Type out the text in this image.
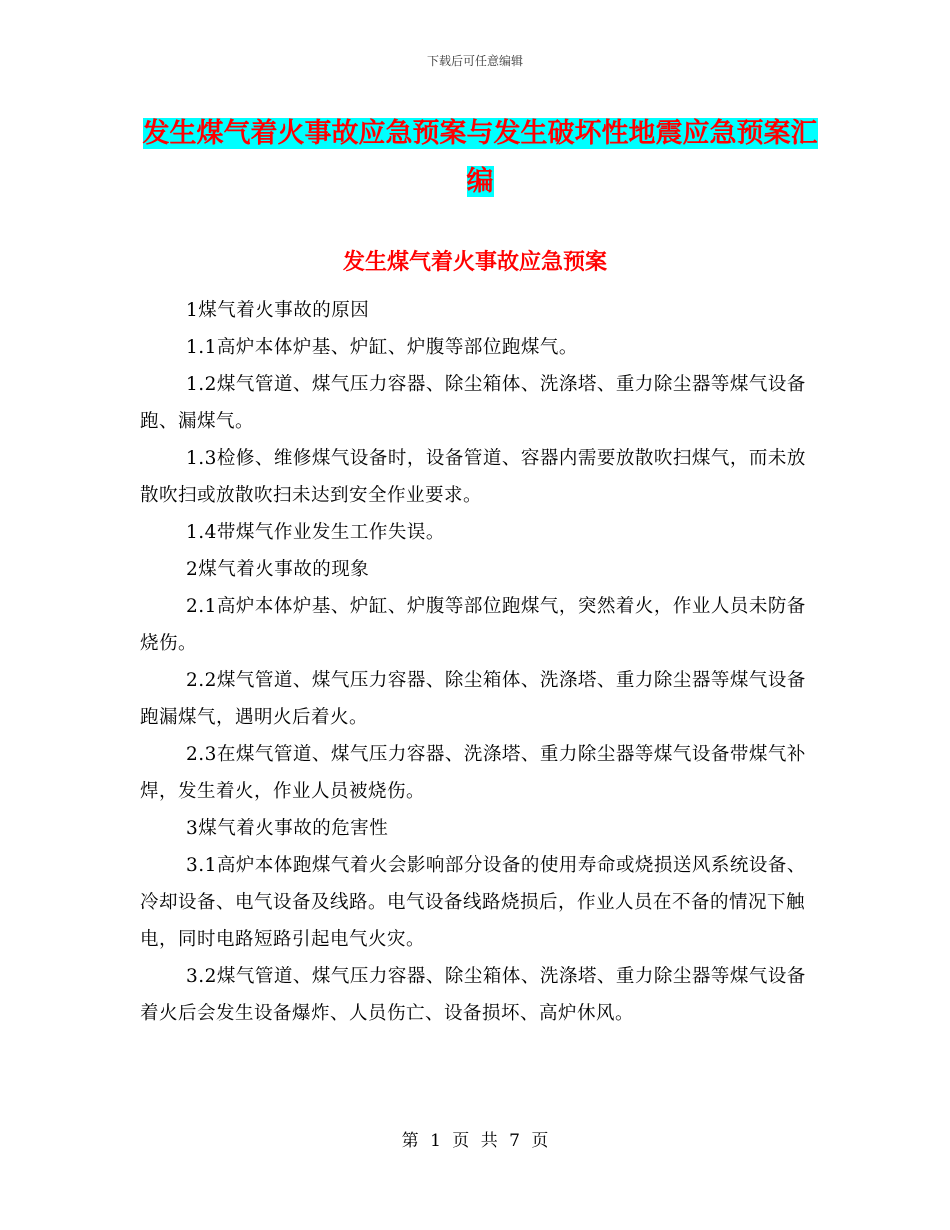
下载后可任意编辑
发生煤气着火事故应急预案与发生破坏性地震应急预案汇编
发生煤气着火事故应急预案

1煤气着火事故的原因

1.1高炉本体炉基、炉缸、炉腹等部位跑煤气。

1.2煤气管道、煤气压力容器、除尘箱体、洗涤塔、重力除尘器等煤气设备跑、漏煤气。

1.3检修、维修煤气设备时，设备管道、容器内需要放散吹扫煤气，而未放散吹扫或放散吹扫未达到安全作业要求。

1.4带煤气作业发生工作失误。

2煤气着火事故的现象

2.1高炉本体炉基、炉缸、炉腹等部位跑煤气，突然着火，作业人员未防备烧伤。

2.2煤气管道、煤气压力容器、除尘箱体、洗涤塔、重力除尘器等煤气设备跑漏煤气，遇明火后着火。

2.3在煤气管道、煤气压力容器、洗涤塔、重力除尘器等煤气设备带煤气补焊，发生着火，作业人员被烧伤。

3煤气着火事故的危害性

3.1高炉本体跑煤气着火会影响部分设备的使用寿命或烧损送风系统设备、冷却设备、电气设备及线路。电气设备线路烧损后，作业人员在不备的情况下触电，同时电路短路引起电气火灾。

3.2煤气管道、煤气压力容器、除尘箱体、洗涤塔、重力除尘器等煤气设备着火后会发生设备爆炸、人员伤亡、设备损坏、高炉休风。

第 1 页 共 7 页
